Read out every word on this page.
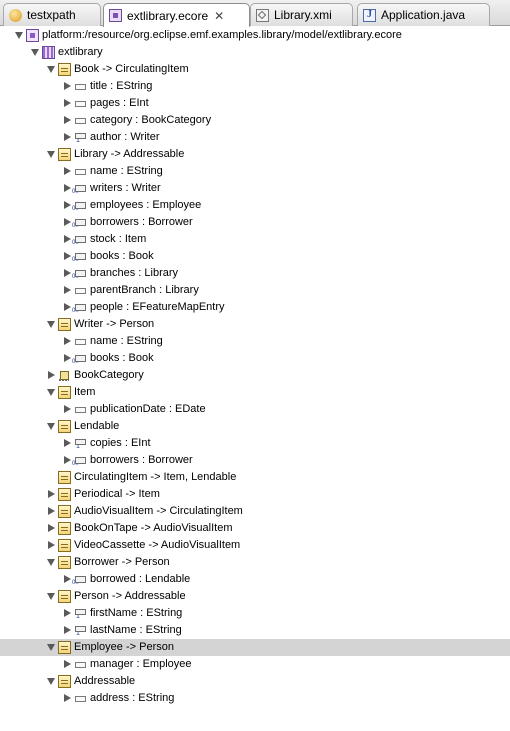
testxpath	extlibrary.ecore ✕	Library.xmi
J	Application.java
platform:/resource/org.eclipse.emf.examples.library/model/extlibrary.ecore
extlibrary
Book -> CirculatingItem
title : EString
pages : EInt
category : BookCategory
1
author : Writer
Library -> Addressable
name : EString
0..*
writers : Writer
0..*
employees : Employee
0..*
borrowers : Borrower
0..*
stock : Item
0..*
books : Book
0..*
branches : Library
parentBranch : Library
0..*
people : EFeatureMapEntry
Writer -> Person
name : EString
0..*
books : Book
BookCategory
Item
publicationDate : EDate
Lendable
1
copies : EInt
0..*
borrowers : Borrower
CirculatingItem -> Item, Lendable
Periodical -> Item
AudioVisualItem -> CirculatingItem
BookOnTape -> AudioVisualItem
VideoCassette -> AudioVisualItem
Borrower -> Person
0..*
borrowed : Lendable
Person -> Addressable
1
firstName : EString
1
lastName : EString
Employee -> Person
manager : Employee
Addressable
address : EString
